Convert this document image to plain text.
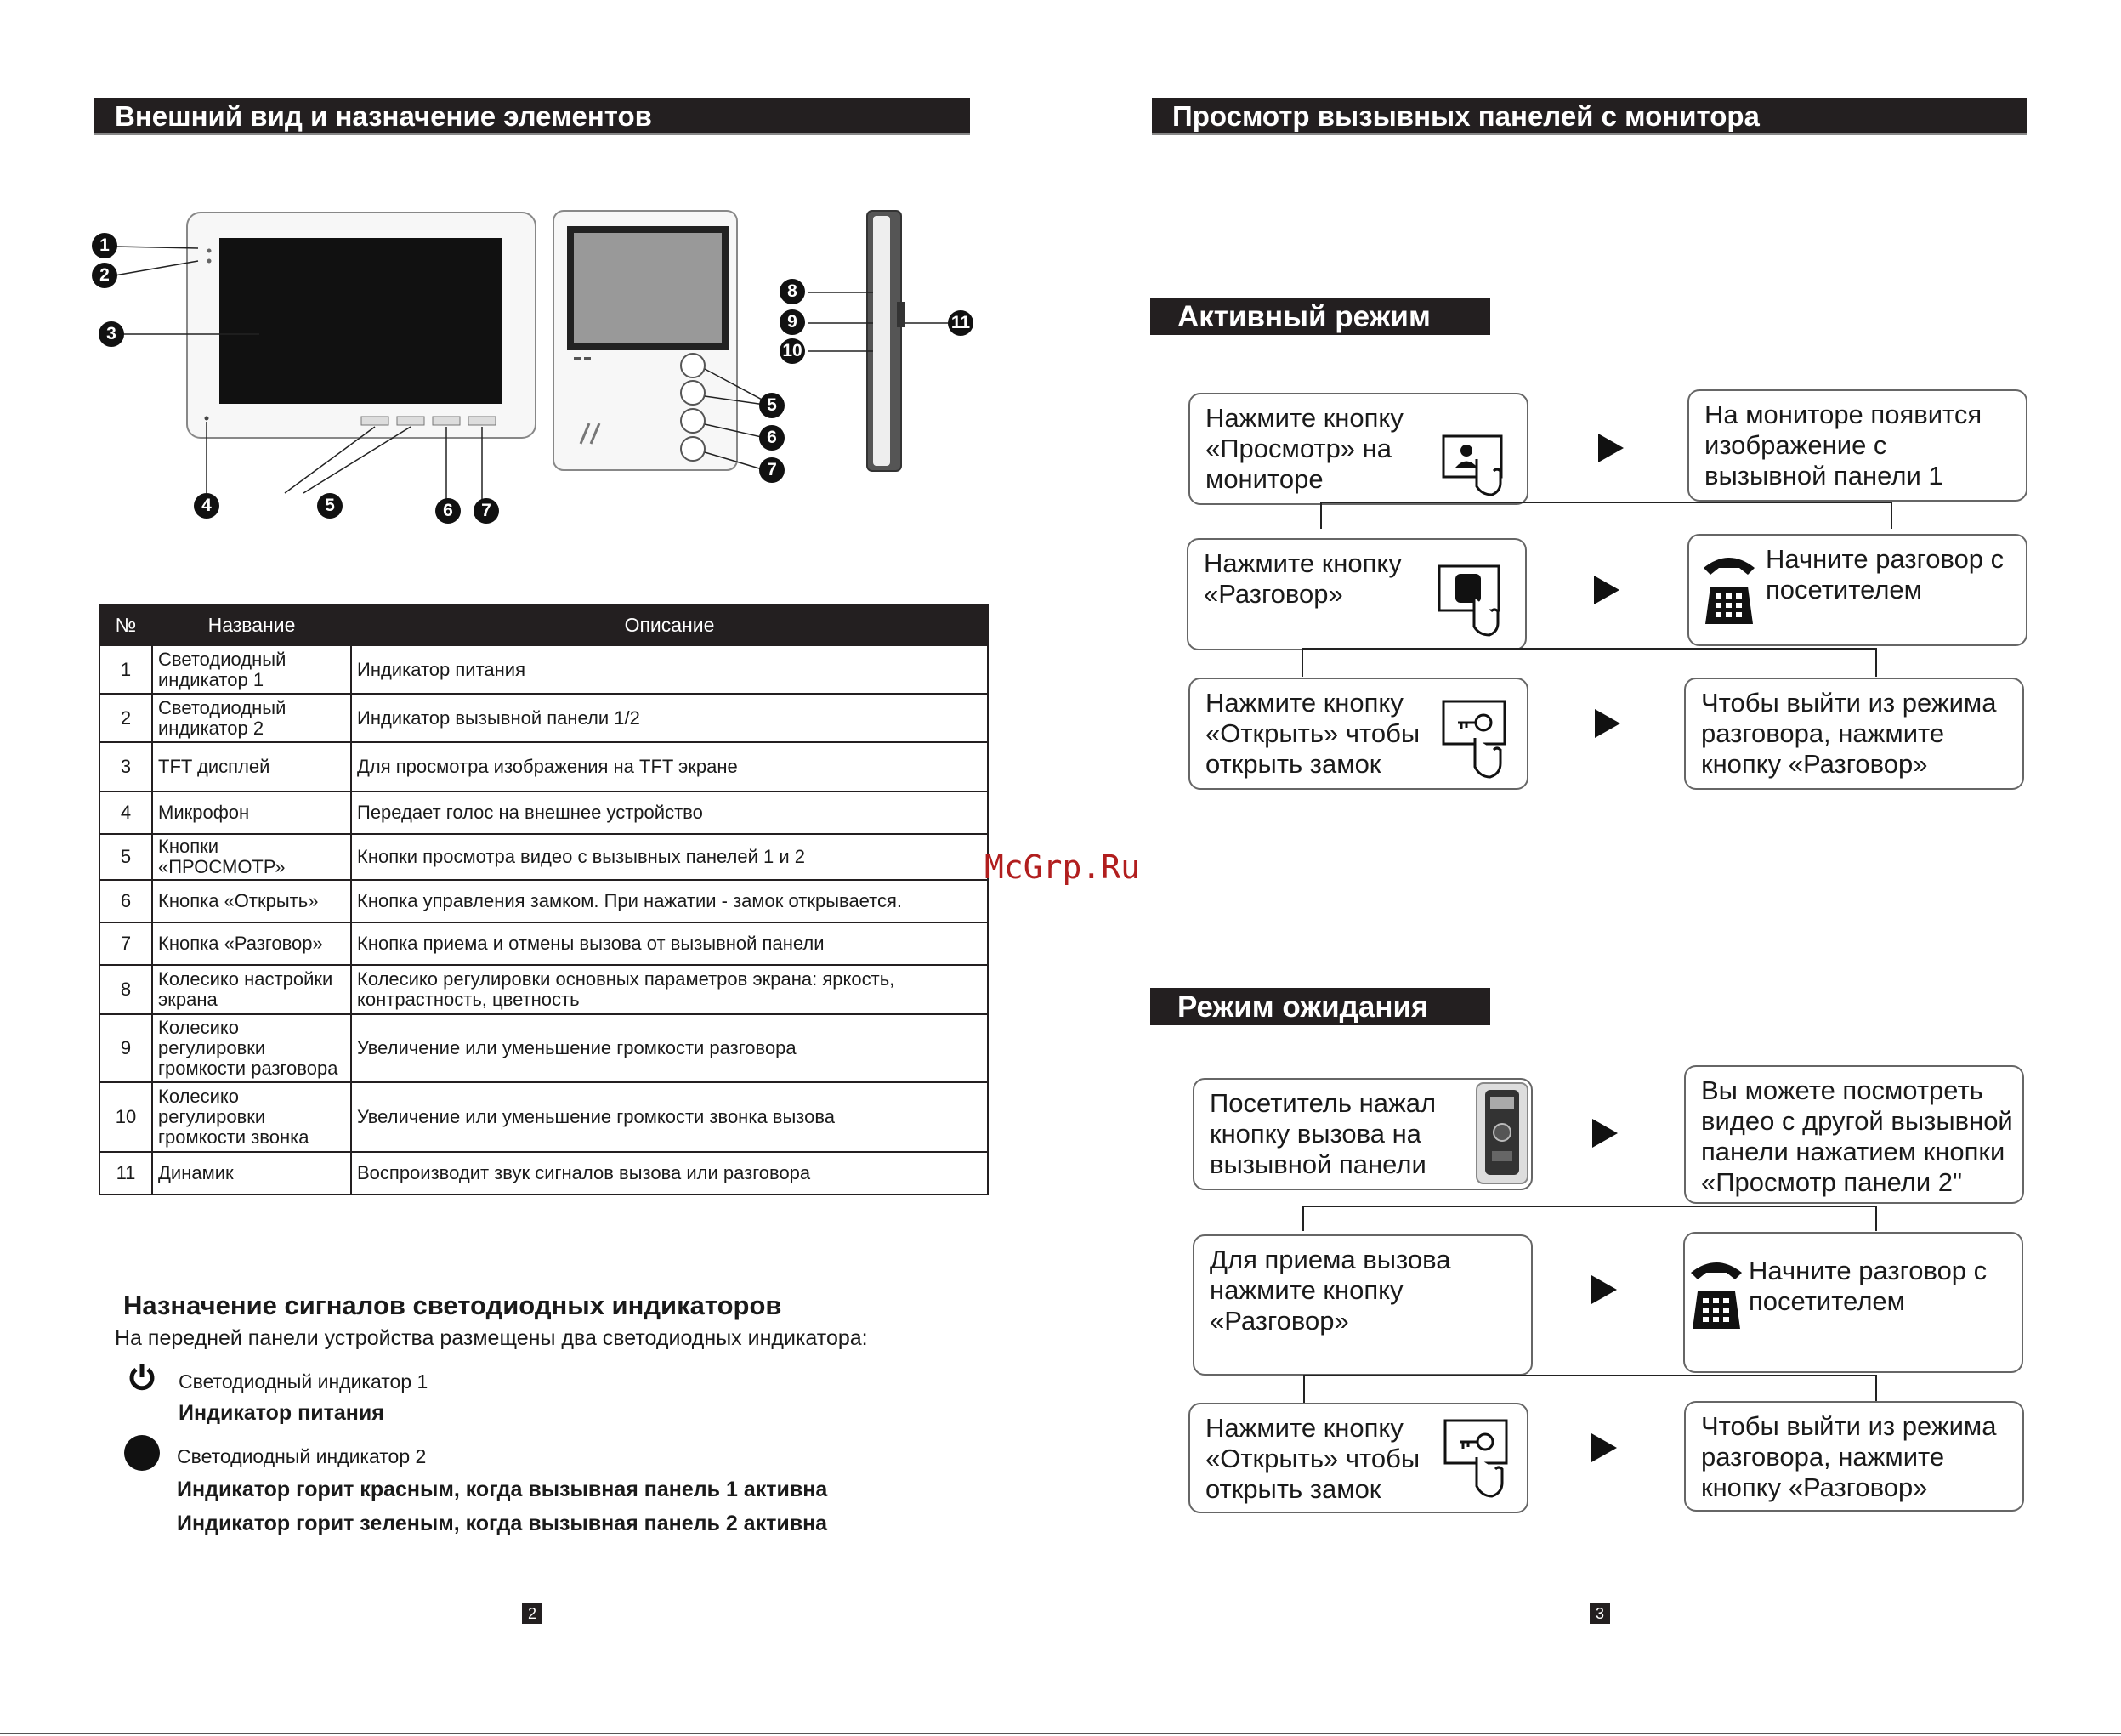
Внешний вид и назначение элементов
1
2
3
4	5	6	7
5
6
7
8
9
10
11
№	Название	Описание
1	Светодиодный индикатор 1	Индикатор питания
2	Светодиодный индикатор 2	Индикатор вызывной панели 1/2
3	TFT дисплей	Для просмотра изображения на TFT экране
4	Микрофон	Передает голос на внешнее устройство
5	Кнопки «ПРОСМОТР»	Кнопки просмотра видео с вызывных панелей 1 и 2
6	Кнопка «Открыть»	Кнопка управления замком. При нажатии - замок открывается.
7	Кнопка «Разговор»	Кнопка приема и отмены вызова от вызывной панели
8	Колесико настройки экрана	Колесико регулировки основных параметров экрана: яркость, контрастность, цветность
9	Колесико регулировки громкости разговора	Увеличение или уменьшение громкости разговора
10	Колесико регулировки громкости звонка	Увеличение или уменьшение громкости звонка вызова
11	Динамик	Воспроизводит звук сигналов вызова или разговора
Назначение сигналов светодиодных индикаторов
На передней панели устройства размещены два светодиодных индикатора:
Светодиодный индикатор 1
Индикатор питания
Светодиодный индикатор 2
Индикатор горит красным, когда вызывная панель 1 активна
Индикатор горит зеленым, когда вызывная панель 2 активна
2
Просмотр вызывных панелей с монитора
Активный режим
Нажмите кнопку
«Просмотр» на
мониторе
На мониторе появится
изображение с
вызывной панели 1
Нажмите кнопку
«Разговор»
Начните разговор с
посетителем
Нажмите кнопку
«Открыть» чтобы
открыть замок
Чтобы выйти из режима
разговора, нажмите
кнопку «Разговор»
McGrp.Ru
Режим ожидания
Посетитель нажал
кнопку вызова на
вызывной панели
Вы можете посмотреть
видео с другой вызывной
панели нажатием кнопки
«Просмотр панели 2"
Для приема вызова
нажмите кнопку
«Разговор»
Начните разговор с
посетителем
Нажмите кнопку
«Открыть» чтобы
открыть замок
Чтобы выйти из режима
разговора, нажмите
кнопку «Разговор»
3
